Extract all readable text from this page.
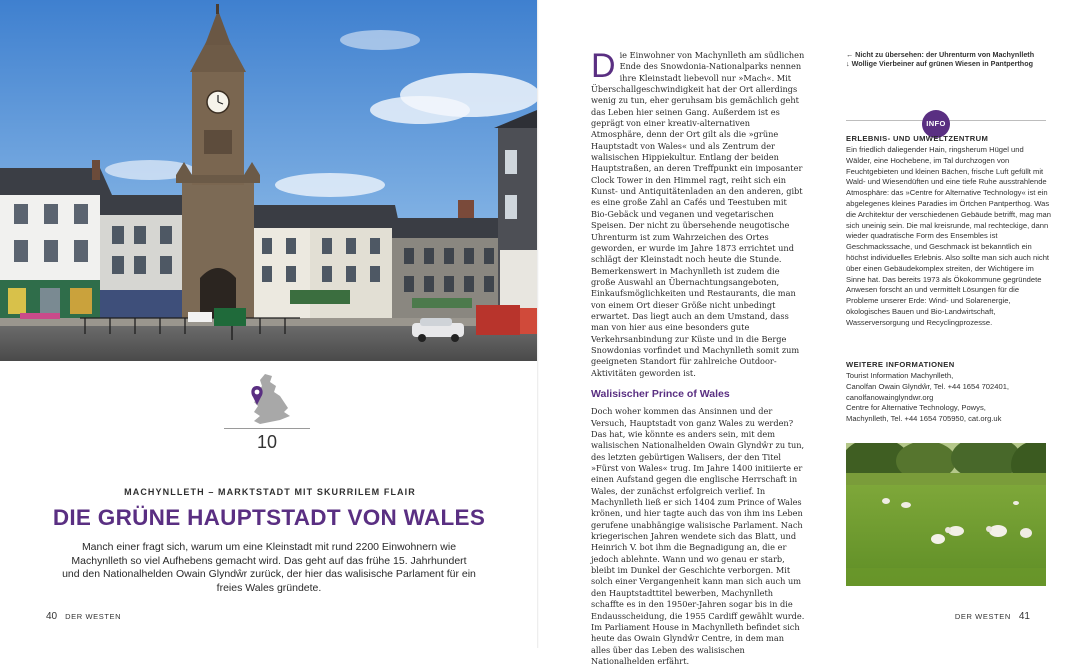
10
MACHYNLLETH – MARKTSTADT MIT SKURRILEM FLAIR
DIE GRÜNE HAUPTSTADT VON WALES
Manch einer fragt sich, warum um eine Kleinstadt mit rund 2200 Einwohnern wie Machynlleth so viel Aufhebens gemacht wird. Das geht auf das frühe 15. Jahrhundert und den Nationalhelden Owain Glyndŵr zurück, der hier das walisische Parlament für ein freies Wales gründete.
40 DER WESTEN

Die Einwohner von Machynlleth am südlichen Ende des Snowdonia-Nationalparks nennen ihre Kleinstadt liebevoll nur »Mach«. Mit Überschallgeschwindigkeit hat der Ort allerdings wenig zu tun, eher geruhsam bis gemächlich geht das Leben hier seinen Gang. Außerdem ist es geprägt von einer kreativ-alternativen Atmosphäre, denn der Ort gilt als die »grüne Hauptstadt von Wales« und als Zentrum der walisischen Hippiekultur. Entlang der beiden Hauptstraßen, an deren Treffpunkt ein imposanter Clock Tower in den Himmel ragt, reiht sich ein Kunst- und Antiquitätenladen an den anderen, gibt es eine große Zahl an Cafés und Teestuben mit Bio-Gebäck und veganen und vegetarischen Speisen. Der nicht zu übersehende neugotische Uhrenturm ist zum Wahrzeichen des Ortes geworden, er wurde im Jahre 1873 errichtet und schlägt der Kleinstadt noch heute die Stunde. Bemerkenswert in Machynlleth ist zudem die große Auswahl an Übernachtungsangeboten, Einkaufsmöglichkeiten und Restaurants, die man von einem Ort dieser Größe nicht unbedingt erwartet. Das liegt auch an dem Umstand, dass man von hier aus eine besonders gute Verkehrsanbindung zur Küste und in die Berge Snowdonias vorfindet und Machynlleth somit zum geeigneten Standort für zahlreiche Outdoor-Aktivitäten geworden ist.

Walisischer Prince of Wales

Doch woher kommen das Ansinnen und der Versuch, Hauptstadt von ganz Wales zu werden? Das hat, wie könnte es anders sein, mit dem walisischen Nationalhelden Owain Glyndŵr zu tun, des letzten gebürtigen Walisers, der den Titel »Fürst von Wales« trug. Im Jahre 1400 initiierte er einen Aufstand gegen die englische Herrschaft in Wales, der zunächst erfolgreich verlief. In Machynlleth ließ er sich 1404 zum Prince of Wales krönen, und hier tagte auch das von ihm ins Leben gerufene unabhängige walisische Parlament. Nach kriegerischen Jahren wendete sich das Blatt, und Heinrich V. bot ihm die Begnadigung an, die er jedoch ablehnte. Wann und wo genau er starb, bleibt im Dunkel der Geschichte verborgen. Mit solch einer Vergangenheit kann man sich auch um den Hauptstadttitel bewerben, Machynlleth schaffte es in den 1950er-Jahren sogar bis in die Endausscheidung, die 1955 Cardiff gewählt wurde. Im Parliament House in Machynlleth befindet sich heute das Owain Glyndŵr Centre, in dem man alles über das Leben des walisischen Nationalhelden erfährt.

← Nicht zu übersehen: der Uhrenturm von Machynlleth
↓ Wollige Vierbeiner auf grünen Wiesen in Pantperthog
INFO
ERLEBNIS- UND UMWELTZENTRUM
Ein friedlich daliegender Hain, ringsherum Hügel und Wälder, eine Hochebene, im Tal durchzogen von Feuchtgebieten und kleinen Bächen, frische Luft gefüllt mit Wald- und Wiesendüften und eine tiefe Ruhe ausstrahlende Atmosphäre: das »Centre for Alternative Technology« ist ein abgelegenes kleines Paradies im Örtchen Pantperthog. Was die Architektur der verschiedenen Gebäude betrifft, mag man sich uneinig sein. Die mal kreisrunde, mal rechteckige, dann wieder quadratische Form des Ensembles ist Geschmackssache, und Geschmack ist bekanntlich ein höchst individuelles Erlebnis. Also sollte man sich auch nicht über einen Gebäudekomplex streiten, der Wichtigere im Sinne hat. Das bereits 1973 als Ökokommune gegründete Anwesen forscht an und vermittelt Lösungen für die Probleme unserer Erde: Wind- und Solarenergie, ökologisches Bauen und Bio-Landwirtschaft, Wasserversorgung und Recyclingprozesse.
WEITERE INFORMATIONEN
Tourist Information Machynlleth,
Canolfan Owain Glyndŵr, Tel. +44 1654 702401,
canolfanowainglyndwr.org
Centre for Alternative Technology, Powys,
Machynlleth, Tel. +44 1654 705950, cat.org.uk
DER WESTEN 41
